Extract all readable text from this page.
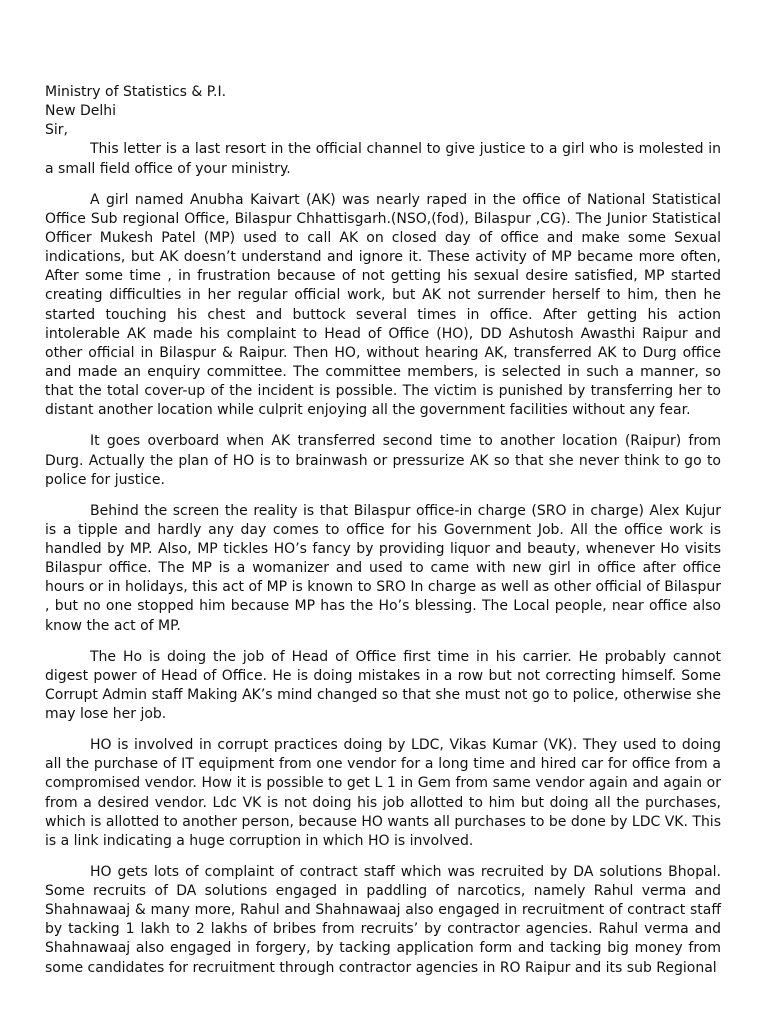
Ministry of Statistics & P.I.

New Delhi

Sir,

This letter is a last resort in the official channel to give justice to a girl who is molested in a small field office of your ministry.

A girl named Anubha Kaivart (AK) was nearly raped in the office of National Statistical Office Sub regional Office, Bilaspur Chhattisgarh.(NSO,(fod), Bilaspur ,CG). The Junior Statistical Officer Mukesh Patel (MP) used to call AK on closed day of office and make some Sexual indications, but AK doesn’t understand and ignore it. These activity of MP became more often, After some time , in frustration because of not getting his sexual desire satisfied, MP started creating difficulties in her regular official work, but AK not surrender herself to him, then he started touching his chest and buttock several times in office. After getting his action intolerable AK made his complaint to Head of Office (HO), DD Ashutosh Awasthi Raipur and other official in Bilaspur & Raipur. Then HO, without hearing AK, transferred AK to Durg office and made an enquiry committee. The committee members, is selected in such a manner, so that the total cover-up of the incident is possible. The victim is punished by transferring her to distant another location while culprit enjoying all the government facilities without any fear.

It goes overboard when AK transferred second time to another location (Raipur) from Durg. Actually the plan of HO is to brainwash or pressurize AK so that she never think to go to police for justice.

Behind the screen the reality is that Bilaspur office-in charge (SRO in charge) Alex Kujur is a tipple and hardly any day comes to office for his Government Job. All the office work is handled by MP. Also, MP tickles HO’s fancy by providing liquor and beauty, whenever Ho visits Bilaspur office. The MP is a womanizer and used to came with new girl in office after office hours or in holidays, this act of MP is known to SRO In charge as well as other official of Bilaspur , but no one stopped him because MP has the Ho’s blessing. The Local people, near office also know the act of MP.

The Ho is doing the job of Head of Office first time in his carrier. He probably cannot digest power of Head of Office. He is doing mistakes in a row but not correcting himself. Some Corrupt Admin staff Making AK’s mind changed so that she must not go to police, otherwise she may lose her job.

HO is involved in corrupt practices doing by LDC, Vikas Kumar (VK). They used to doing all the purchase of IT equipment from one vendor for a long time and hired car for office from a compromised vendor. How it is possible to get L 1 in Gem from same vendor again and again or from a desired vendor. Ldc VK is not doing his job allotted to him but doing all the purchases, which is allotted to another person, because HO wants all purchases to be done by LDC VK. This is a link indicating a huge corruption in which HO is involved.

HO gets lots of complaint of contract staff which was recruited by DA solutions Bhopal. Some recruits of DA solutions engaged in paddling of narcotics, namely Rahul verma and Shahnawaaj & many more, Rahul and Shahnawaaj also engaged in recruitment of contract staff by tacking 1 lakh to 2 lakhs of bribes from recruits’ by contractor agencies. Rahul verma and Shahnawaaj also engaged in forgery, by tacking application form and tacking big money from some candidates for recruitment through contractor agencies in RO Raipur and its sub Regional
